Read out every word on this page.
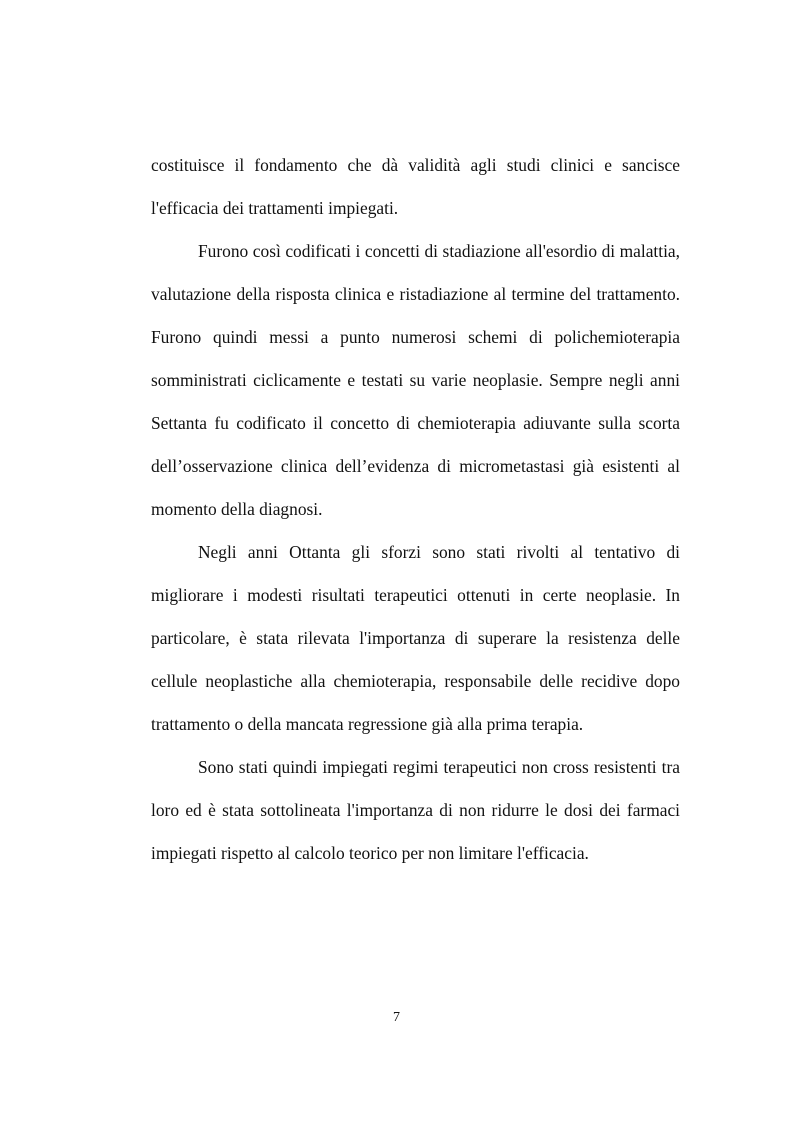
costituisce il fondamento che dà validità agli studi clinici e sancisce l'efficacia dei trattamenti impiegati.

Furono così codificati i concetti di stadiazione all'esordio di malattia, valutazione della risposta clinica e ristadiazione al termine del trattamento. Furono quindi messi a punto numerosi schemi di polichemioterapia somministrati ciclicamente e testati su varie neoplasie. Sempre negli anni Settanta fu codificato il concetto di chemioterapia adiuvante sulla scorta dell’osservazione clinica dell’evidenza di micrometastasi già esistenti al momento della diagnosi.

Negli anni Ottanta gli sforzi sono stati rivolti al tentativo di migliorare i modesti risultati terapeutici ottenuti in certe neoplasie. In particolare, è stata rilevata l'importanza di superare la resistenza delle cellule neoplastiche alla chemioterapia, responsabile delle recidive dopo trattamento o della mancata regressione già alla prima terapia.

Sono stati quindi impiegati regimi terapeutici non cross resistenti tra loro ed è stata sottolineata l'importanza di non ridurre le dosi dei farmaci impiegati rispetto al calcolo teorico per non limitare l'efficacia.

7
